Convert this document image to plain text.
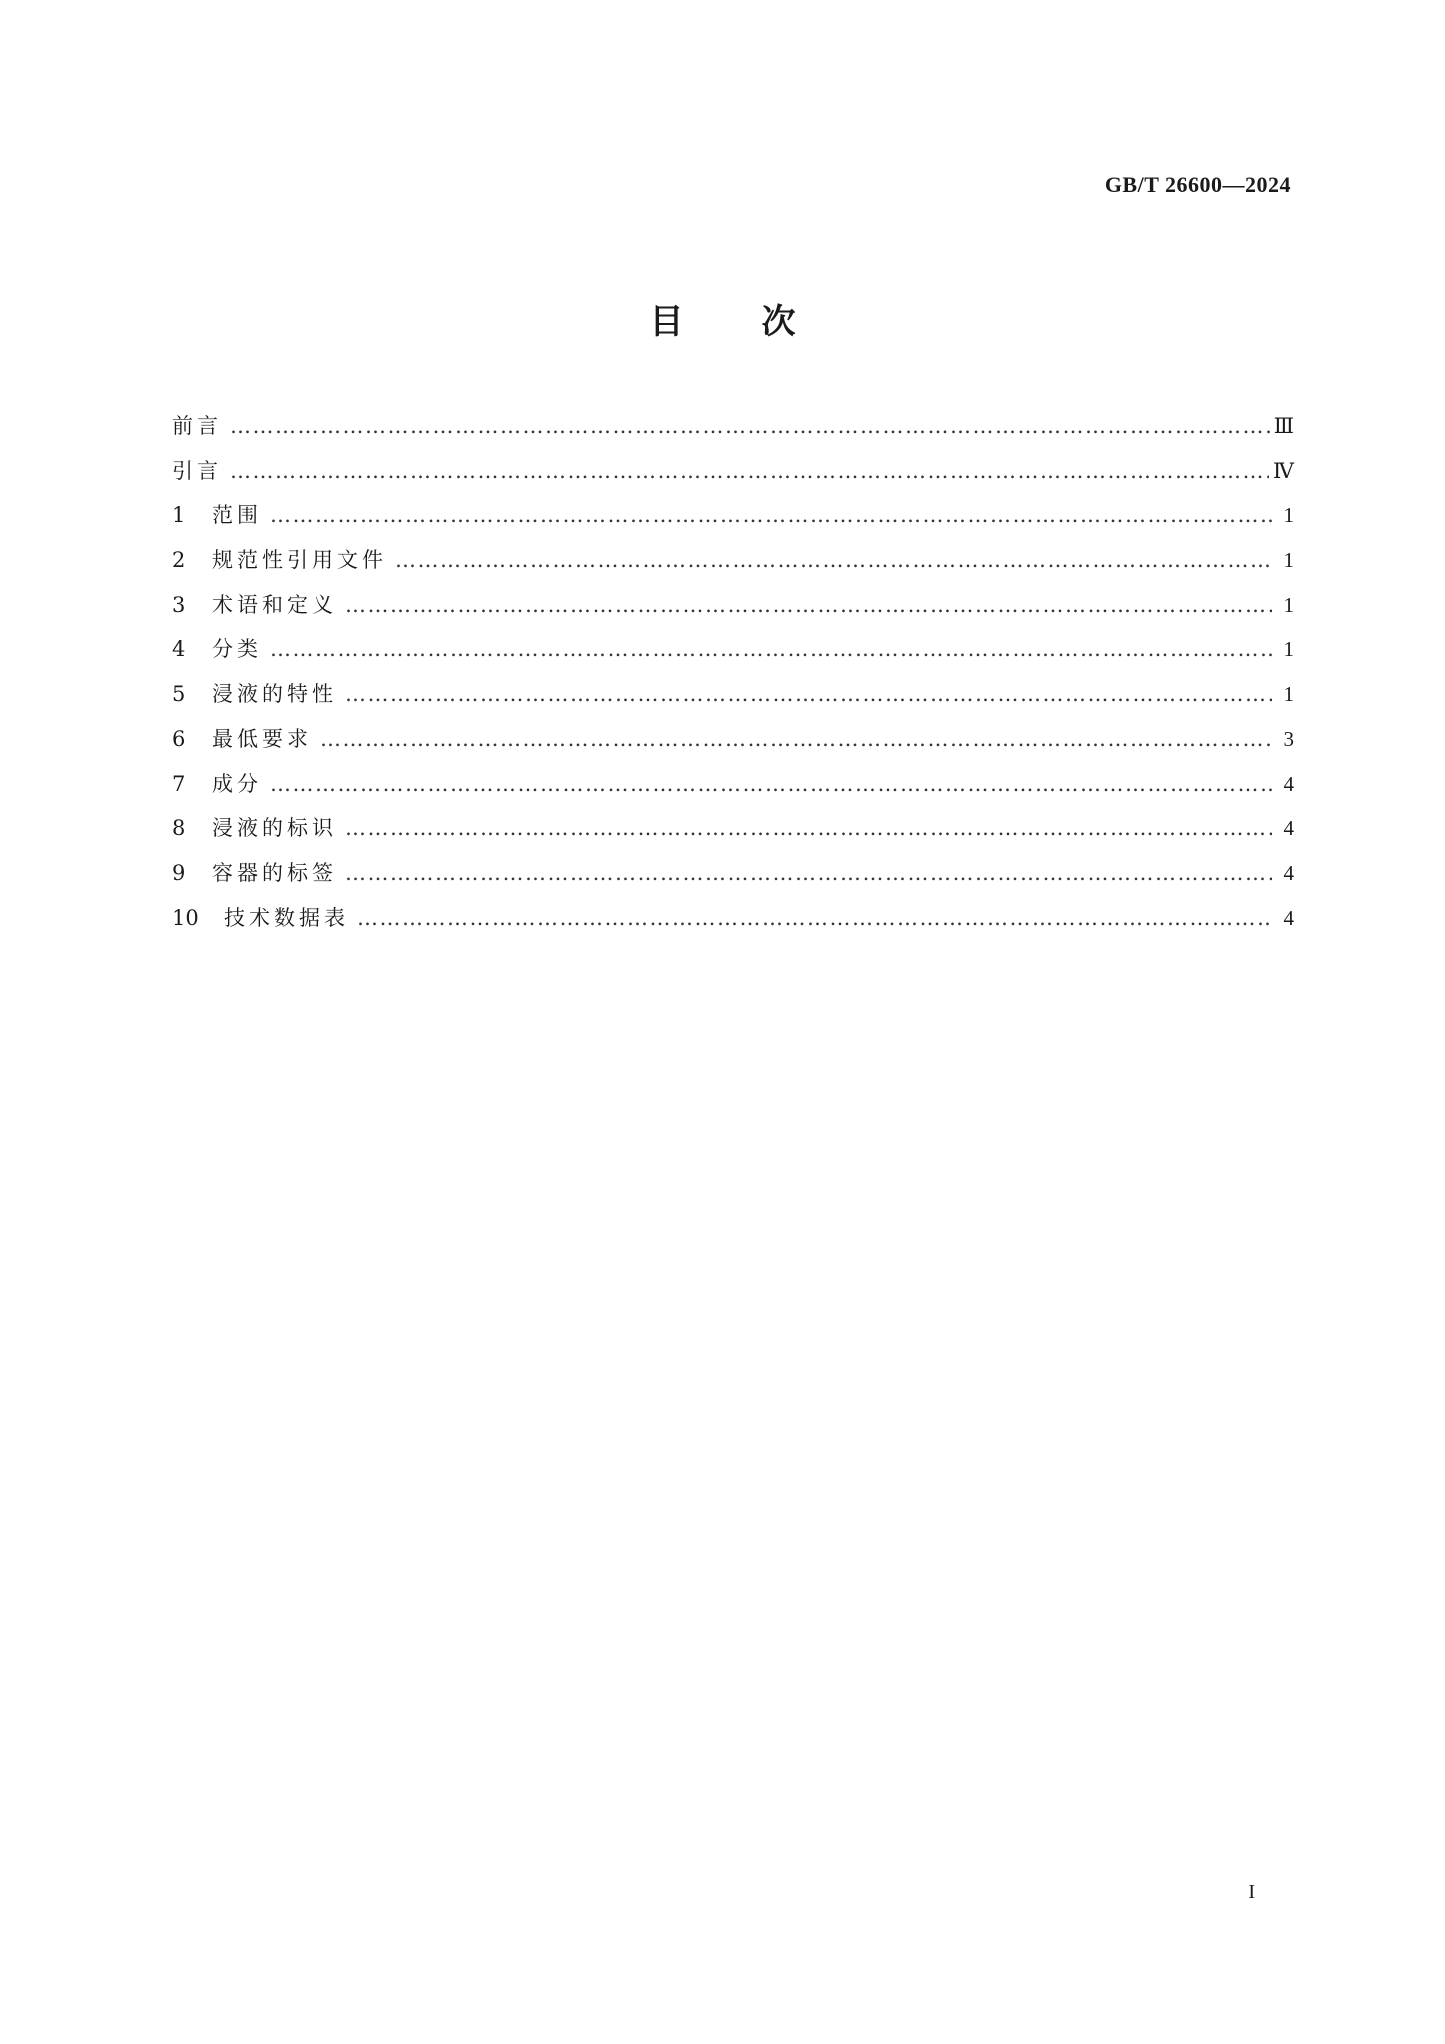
GB/T 26600—2024
目次
前言 …………………………………………………………………………………………………………………………………………………………………………………………………………	Ⅲ
引言 …………………………………………………………………………………………………………………………………………………………………………………………………………	Ⅳ
1	范围 …………………………………………………………………………………………………………………………………………………………………………………………………………	1
2	规范性引用文件 …………………………………………………………………………………………………………………………………………………………………………………………………………	1
3	术语和定义 …………………………………………………………………………………………………………………………………………………………………………………………………………	1
4	分类 …………………………………………………………………………………………………………………………………………………………………………………………………………	1
5	浸液的特性 …………………………………………………………………………………………………………………………………………………………………………………………………………	1
6	最低要求 …………………………………………………………………………………………………………………………………………………………………………………………………………	3
7	成分 …………………………………………………………………………………………………………………………………………………………………………………………………………	4
8	浸液的标识 …………………………………………………………………………………………………………………………………………………………………………………………………………	4
9	容器的标签 …………………………………………………………………………………………………………………………………………………………………………………………………………	4
10	技术数据表 …………………………………………………………………………………………………………………………………………………………………………………………………………	4
I
